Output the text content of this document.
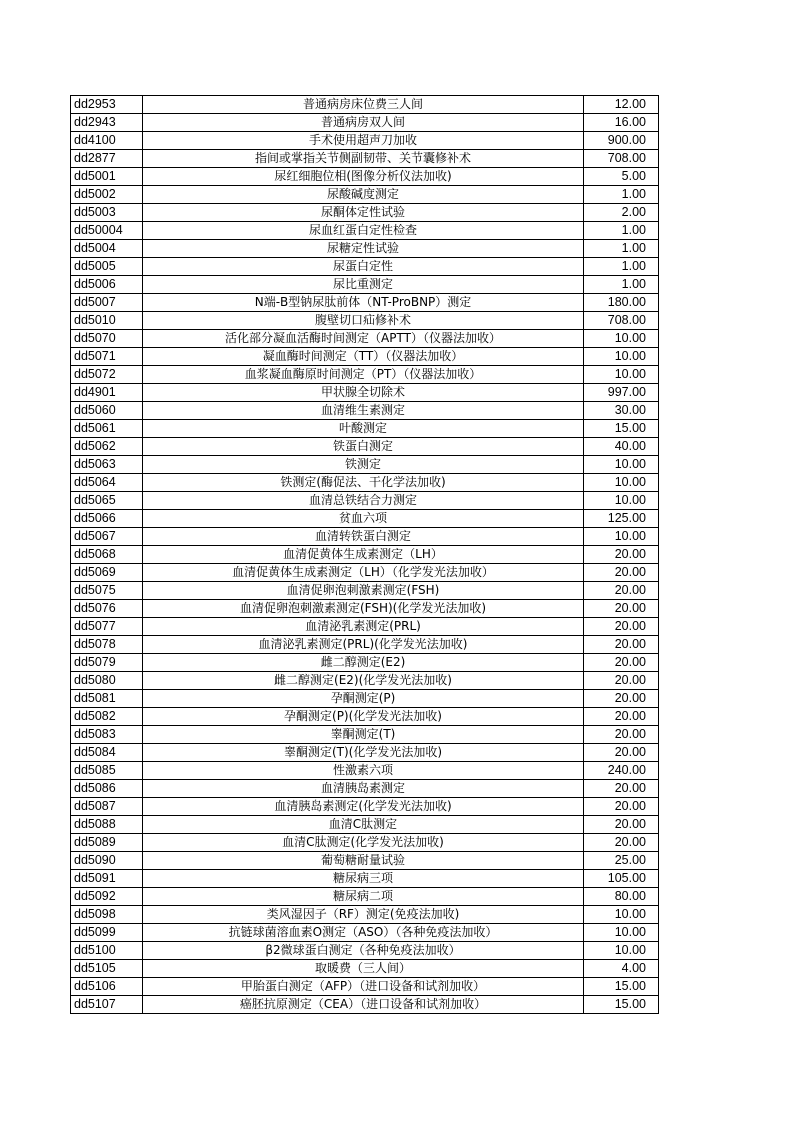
dd2953	普通病房床位费三人间	12.00
dd2943	普通病房双人间	16.00
dd4100	手术使用超声刀加收	900.00
dd2877	指间或掌指关节侧副韧带、关节囊修补术	708.00
dd5001	尿红细胞位相(图像分析仪法加收)	5.00
dd5002	尿酸碱度测定	1.00
dd5003	尿酮体定性试验	2.00
dd50004	尿血红蛋白定性检查	1.00
dd5004	尿糖定性试验	1.00
dd5005	尿蛋白定性	1.00
dd5006	尿比重测定	1.00
dd5007	N端-B型钠尿肽前体（NT-ProBNP）测定	180.00
dd5010	腹壁切口疝修补术	708.00
dd5070	活化部分凝血活酶时间测定（APTT）（仪器法加收）	10.00
dd5071	凝血酶时间测定（TT）（仪器法加收）	10.00
dd5072	血浆凝血酶原时间测定（PT）（仪器法加收）	10.00
dd4901	甲状腺全切除术	997.00
dd5060	血清维生素测定	30.00
dd5061	叶酸测定	15.00
dd5062	铁蛋白测定	40.00
dd5063	铁测定	10.00
dd5064	铁测定(酶促法、干化学法加收)	10.00
dd5065	血清总铁结合力测定	10.00
dd5066	贫血六项	125.00
dd5067	血清转铁蛋白测定	10.00
dd5068	血清促黄体生成素测定（LH）	20.00
dd5069	血清促黄体生成素测定（LH）（化学发光法加收）	20.00
dd5075	血清促卵泡刺激素测定(FSH)	20.00
dd5076	血清促卵泡刺激素测定(FSH)(化学发光法加收)	20.00
dd5077	血清泌乳素测定(PRL)	20.00
dd5078	血清泌乳素测定(PRL)(化学发光法加收)	20.00
dd5079	雌二醇测定(E2)	20.00
dd5080	雌二醇测定(E2)(化学发光法加收)	20.00
dd5081	孕酮测定(P)	20.00
dd5082	孕酮测定(P)(化学发光法加收)	20.00
dd5083	睾酮测定(T)	20.00
dd5084	睾酮测定(T)(化学发光法加收)	20.00
dd5085	性激素六项	240.00
dd5086	血清胰岛素测定	20.00
dd5087	血清胰岛素测定(化学发光法加收)	20.00
dd5088	血清C肽测定	20.00
dd5089	血清C肽测定(化学发光法加收)	20.00
dd5090	葡萄糖耐量试验	25.00
dd5091	糖尿病三项	105.00
dd5092	糖尿病二项	80.00
dd5098	类风湿因子（RF）测定(免疫法加收)	10.00
dd5099	抗链球菌溶血素O测定（ASO）（各种免疫法加收）	10.00
dd5100	β2微球蛋白测定（各种免疫法加收）	10.00
dd5105	取暖费（三人间）	4.00
dd5106	甲胎蛋白测定（AFP）（进口设备和试剂加收）	15.00
dd5107	癌胚抗原测定（CEA）（进口设备和试剂加收）	15.00
